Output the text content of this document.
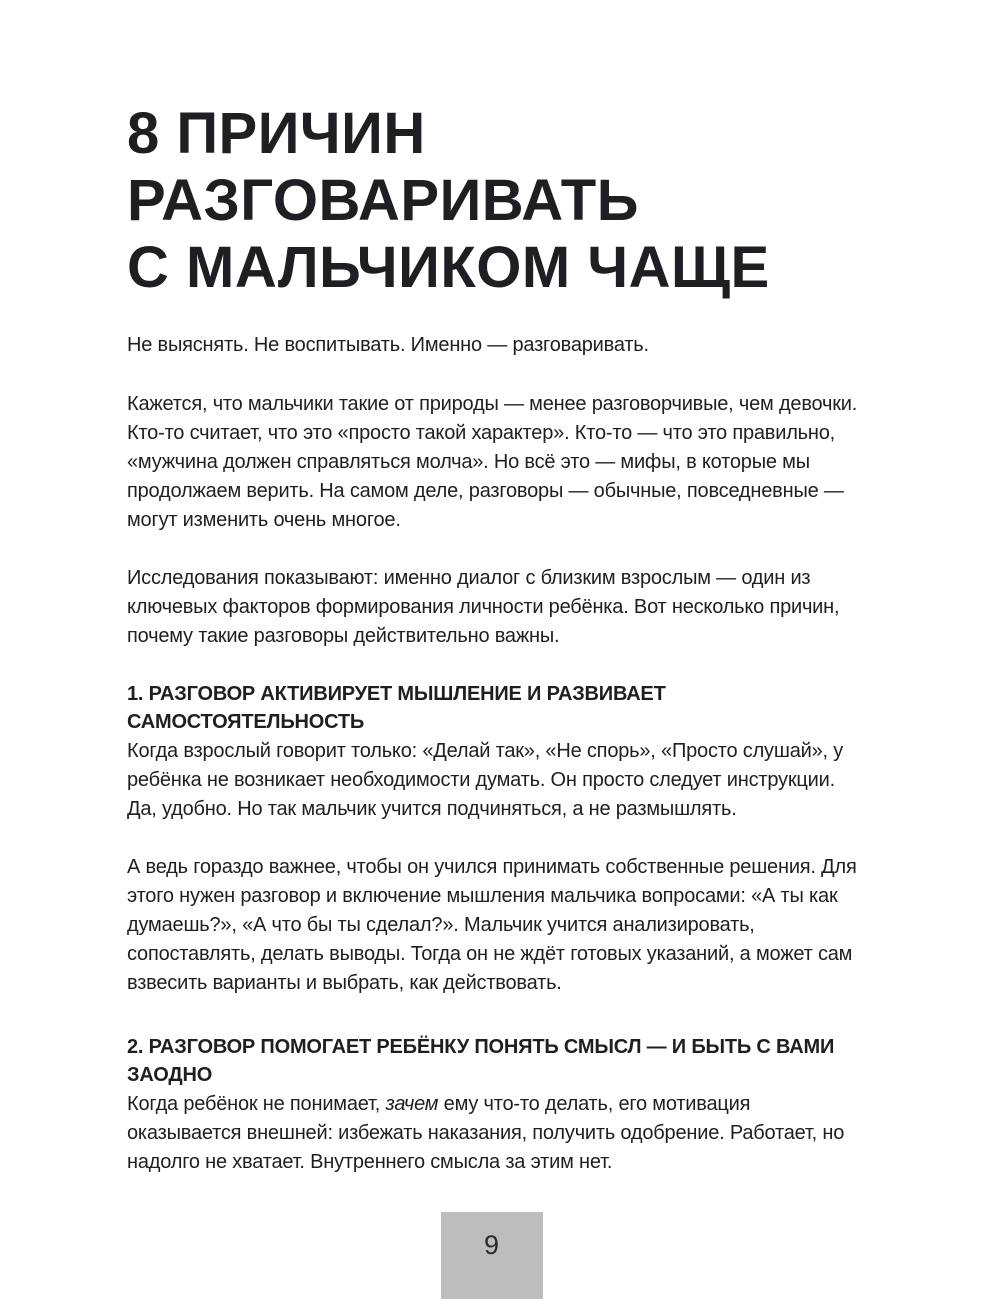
8 ПРИЧИН
РАЗГОВАРИВАТЬ
С МАЛЬЧИКОМ ЧАЩЕ

Не выяснять. Не воспитывать. Именно — разговаривать.

Кажется, что мальчики такие от природы — менее разговорчивые, чем девочки. Кто-то считает, что это «просто такой характер». Кто-то — что это правильно, «мужчина должен справляться молча». Но всё это — мифы, в которые мы продолжаем верить. На самом деле, разговоры — обычные, повседневные — могут изменить очень многое.

Исследования показывают: именно диалог с близким взрослым — один из ключевых факторов формирования личности ребёнка. Вот несколько причин, почему такие разговоры действительно важны.

1. РАЗГОВОР АКТИВИРУЕТ МЫШЛЕНИЕ И РАЗВИВАЕТ САМОСТОЯТЕЛЬНОСТЬ

Когда взрослый говорит только: «Делай так», «Не спорь», «Просто слушай», у ребёнка не возникает необходимости думать. Он просто следует инструкции. Да, удобно. Но так мальчик учится подчиняться, а не размышлять.

А ведь гораздо важнее, чтобы он учился принимать собственные решения. Для этого нужен разговор и включение мышления мальчика вопросами: «А ты как думаешь?», «А что бы ты сделал?». Мальчик учится анализировать, сопоставлять, делать выводы. Тогда он не ждёт готовых указаний, а может сам взвесить варианты и выбрать, как действовать.

2. РАЗГОВОР ПОМОГАЕТ РЕБЁНКУ ПОНЯТЬ СМЫСЛ — И БЫТЬ С ВАМИ ЗАОДНО

Когда ребёнок не понимает, зачем ему что-то делать, его мотивация оказывается внешней: избежать наказания, получить одобрение. Работает, но надолго не хватает. Внутреннего смысла за этим нет.

9
